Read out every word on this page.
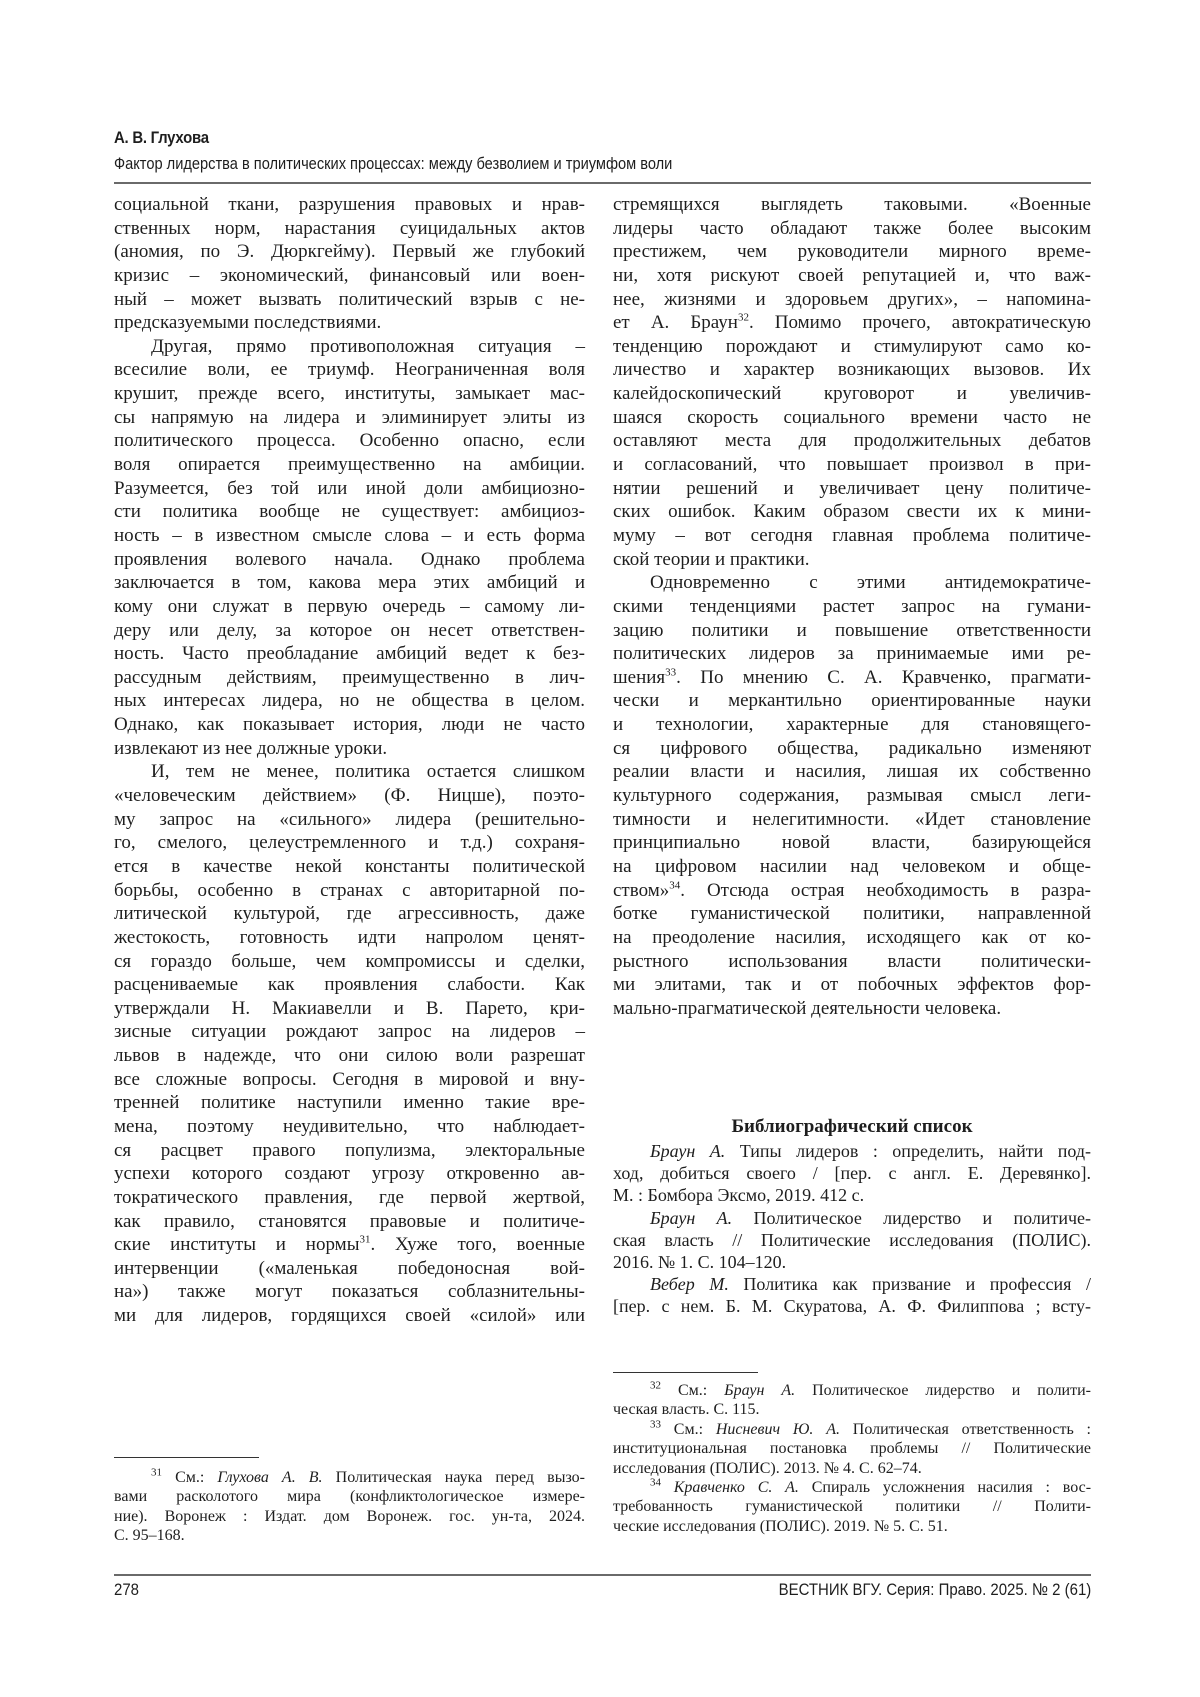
А. В. Глухова
Фактор лидерства в политических процессах: между безволием и триумфом воли
социальной ткани, разрушения правовых и нрав-
ственных норм, нарастания суицидальных актов
(аномия, по Э. Дюркгейму). Первый же глубокий
кризис – экономический, финансовый или воен-
ный – может вызвать политический взрыв с не-
предсказуемыми последствиями.
Другая, прямо противоположная ситуация –
всесилие воли, ее триумф. Неограниченная воля
крушит, прежде всего, институты, замыкает мас-
сы напрямую на лидера и элиминирует элиты из
политического процесса. Особенно опасно, если
воля опирается преимущественно на амбиции.
Разумеется, без той или иной доли амбициозно-
сти политика вообще не существует: амбициоз-
ность – в известном смысле слова – и есть форма
проявления волевого начала. Однако проблема
заключается в том, какова мера этих амбиций и
кому они служат в первую очередь – самому ли-
деру или делу, за которое он несет ответствен-
ность. Часто преобладание амбиций ведет к без-
рассудным действиям, преимущественно в лич-
ных интересах лидера, но не общества в целом.
Однако, как показывает история, люди не часто
извлекают из нее должные уроки.
И, тем не менее, политика остается слишком
«человеческим действием» (Ф. Ницше), поэто-
му запрос на «сильного» лидера (решительно-
го, смелого, целеустремленного и т.д.) сохраня-
ется в качестве некой константы политической
борьбы, особенно в странах с авторитарной по-
литической культурой, где агрессивность, даже
жестокость, готовность идти напролом ценят-
ся гораздо больше, чем компромиссы и сделки,
расцениваемые как проявления слабости. Как
утверждали Н. Макиавелли и В. Парето, кри-
зисные ситуации рождают запрос на лидеров –
львов в надежде, что они силою воли разрешат
все сложные вопросы. Сегодня в мировой и вну-
тренней политике наступили именно такие вре-
мена, поэтому неудивительно, что наблюдает-
ся расцвет правого популизма, электоральные
успехи которого создают угрозу откровенно ав-
тократического правления, где первой жертвой,
как правило, становятся правовые и политиче-
ские институты и нормы$^{31}$. Хуже того, военные
интервенции («маленькая победоносная вой-
на») также могут показаться соблазнительны-
ми для лидеров, гордящихся своей «силой» или
стремящихся выглядеть таковыми. «Военные
лидеры часто обладают также более высоким
престижем, чем руководители мирного време-
ни, хотя рискуют своей репутацией и, что важ-
нее, жизнями и здоровьем других», – напомина-
ет А. Браун$^{32}$. Помимо прочего, автократическую
тенденцию порождают и стимулируют само ко-
личество и характер возникающих вызовов. Их
калейдоскопический круговорот и увеличив-
шаяся скорость социального времени часто не
оставляют места для продолжительных дебатов
и согласований, что повышает произвол в при-
нятии решений и увеличивает цену политиче-
ских ошибок. Каким образом свести их к мини-
муму – вот сегодня главная проблема политиче-
ской теории и практики.
Одновременно с этими антидемократиче-
скими тенденциями растет запрос на гумани-
зацию политики и повышение ответственности
политических лидеров за принимаемые ими ре-
шения$^{33}$. По мнению С. А. Кравченко, прагмати-
чески и меркантильно ориентированные науки
и технологии, характерные для становящего-
ся цифрового общества, радикально изменяют
реалии власти и насилия, лишая их собственно
культурного содержания, размывая смысл леги-
тимности и нелегитимности. «Идет становление
принципиально новой власти, базирующейся
на цифровом насилии над человеком и обще-
ством»$^{34}$. Отсюда острая необходимость в разра-
ботке гуманистической политики, направленной
на преодоление насилия, исходящего как от ко-
рыстного использования власти политически-
ми элитами, так и от побочных эффектов фор-
мально-прагматической деятельности человека.
Библиографический список
Браун А. Типы лидеров : определить, найти под-
ход, добиться своего / [пер. с англ. Е. Деревянко].
М. : Бомбора Эксмо, 2019. 412 с.
Браун А. Политическое лидерство и политиче-
ская власть // Политические исследования (ПОЛИС).
2016. № 1. С. 104–120.
Вебер М. Политика как призвание и профессия /
[пер. с нем. Б. М. Скуратова, А. Ф. Филиппова ; всту-
$^{31}$ См.: Глухова А. В. Политическая наука перед вызо-
вами расколотого мира (конфликтологическое измере-
ние). Воронеж : Издат. дом Воронеж. гос. ун-та, 2024.
С. 95–168.
$^{32}$ См.: Браун А. Политическое лидерство и полити-
ческая власть. С. 115.
$^{33}$ См.: Нисневич Ю. А. Политическая ответственность :
институциональная постановка проблемы // Политические
исследования (ПОЛИС). 2013. № 4. С. 62–74.
$^{34}$ Кравченко С. А. Спираль усложнения насилия : вос-
требованность гуманистической политики // Полити-
ческие исследования (ПОЛИС). 2019. № 5. С. 51.
278	ВЕСТНИК ВГУ. Серия: Право. 2025. № 2 (61)
